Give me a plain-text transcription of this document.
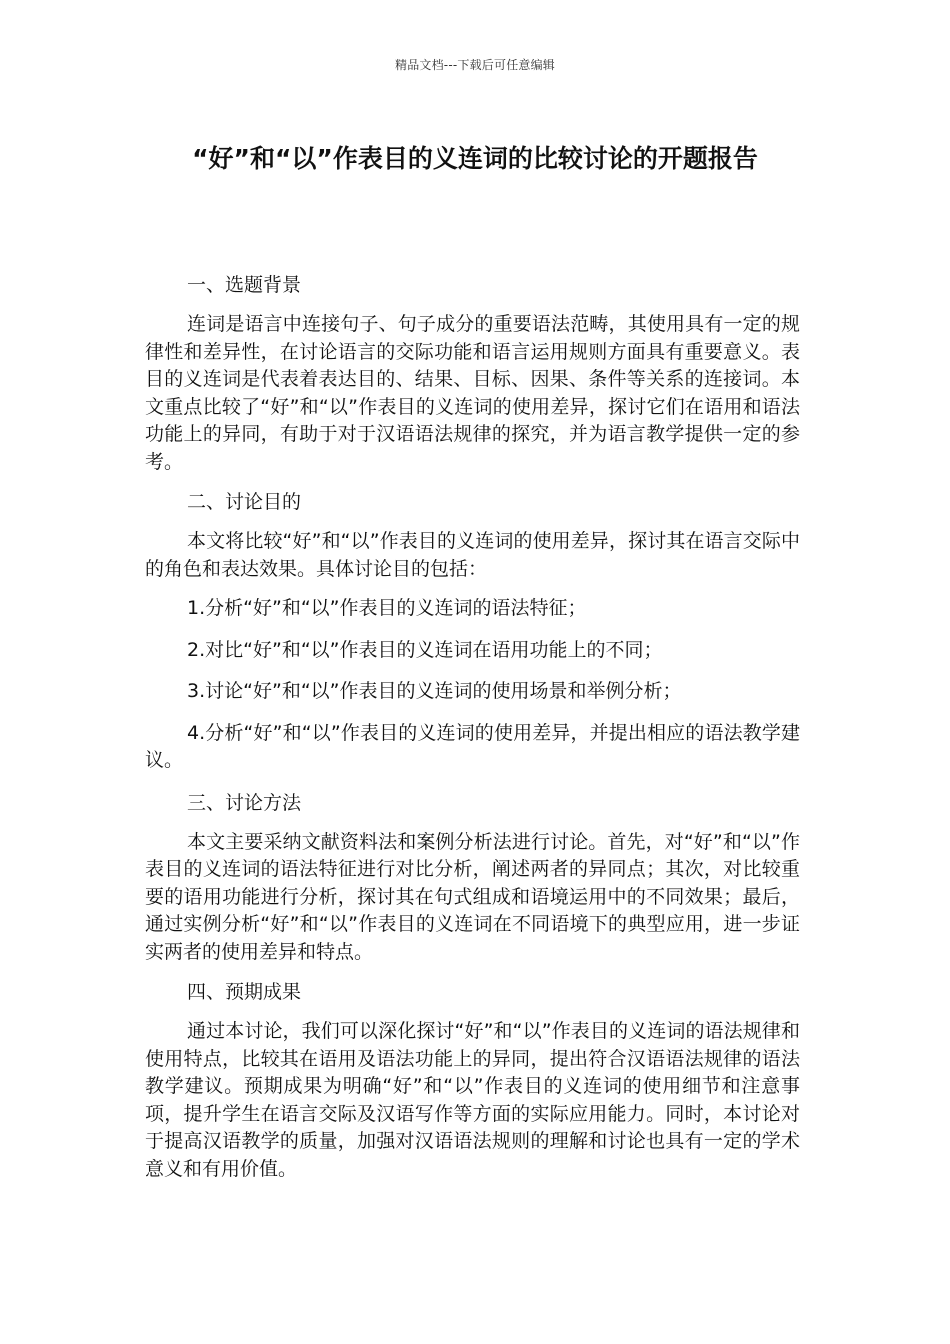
精品文档---下载后可任意编辑
“好”和“以”作表目的义连词的比较讨论的开题报告

一、选题背景

连词是语言中连接句子、句子成分的重要语法范畴，其使用具有一定的规律性和差异性，在讨论语言的交际功能和语言运用规则方面具有重要意义。表目的义连词是代表着表达目的、结果、目标、因果、条件等关系的连接词。本文重点比较了“好”和“以”作表目的义连词的使用差异，探讨它们在语用和语法功能上的异同，有助于对于汉语语法规律的探究，并为语言教学提供一定的参考。

二、讨论目的

本文将比较“好”和“以”作表目的义连词的使用差异，探讨其在语言交际中的角色和表达效果。具体讨论目的包括：

1.分析“好”和“以”作表目的义连词的语法特征；

2.对比“好”和“以”作表目的义连词在语用功能上的不同；

3.讨论“好”和“以”作表目的义连词的使用场景和举例分析；

4.分析“好”和“以”作表目的义连词的使用差异，并提出相应的语法教学建议。

三、讨论方法

本文主要采纳文献资料法和案例分析法进行讨论。首先，对“好”和“以”作表目的义连词的语法特征进行对比分析，阐述两者的异同点；其次，对比较重要的语用功能进行分析，探讨其在句式组成和语境运用中的不同效果；最后，通过实例分析“好”和“以”作表目的义连词在不同语境下的典型应用，进一步证实两者的使用差异和特点。

四、预期成果

通过本讨论，我们可以深化探讨“好”和“以”作表目的义连词的语法规律和使用特点，比较其在语用及语法功能上的异同，提出符合汉语语法规律的语法教学建议。预期成果为明确“好”和“以”作表目的义连词的使用细节和注意事项，提升学生在语言交际及汉语写作等方面的实际应用能力。同时，本讨论对于提高汉语教学的质量，加强对汉语语法规则的理解和讨论也具有一定的学术意义和有用价值。
